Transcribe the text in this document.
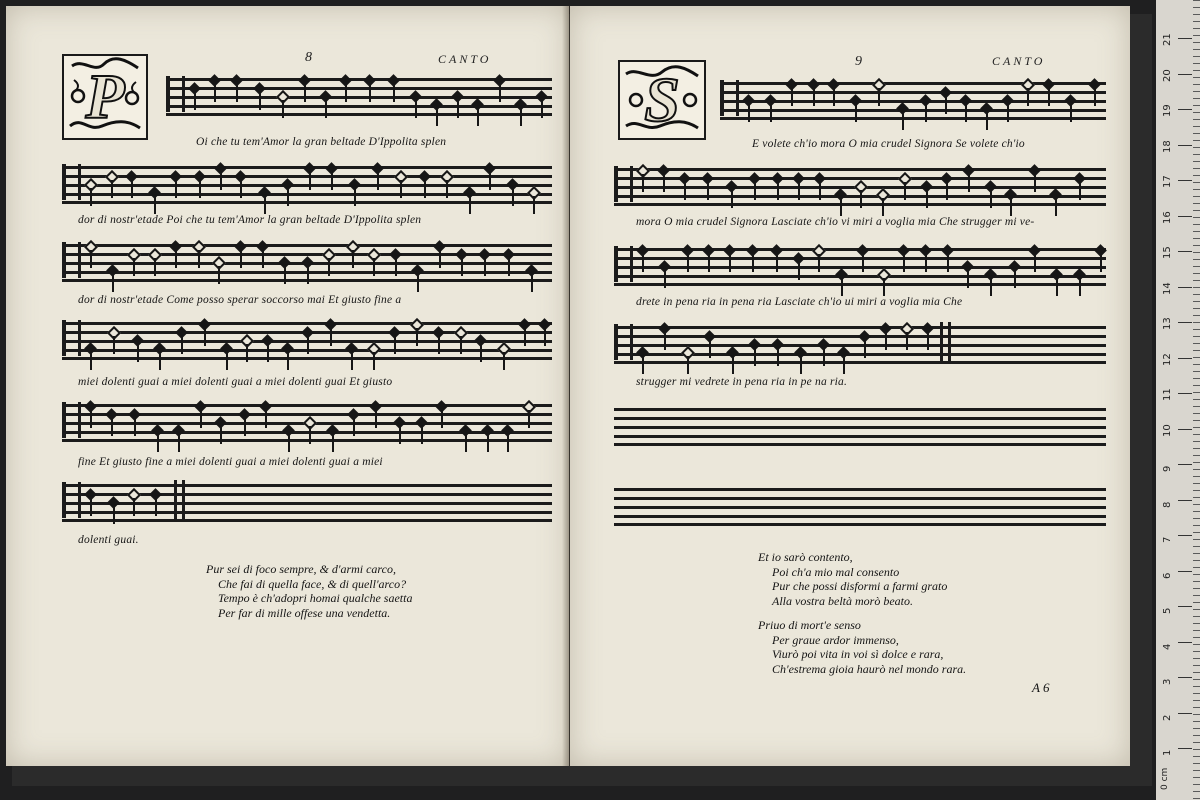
8	CANTO
P
Oi che tu tem'Amor la gran beltade D'Ippolita splen
dor di nostr'etade Poi che tu tem'Amor la gran beltade D'Ippolita splen
dor di nostr'etade Come posso sperar soccorso mai Et giusto fine a
miei dolenti guai a miei dolenti guai a miei dolenti guai Et giusto
fine Et giusto fine a miei dolenti guai a miei dolenti guai a miei
dolenti guai.
Pur sei di foco sempre, & d'armi carco,
Che fai di quella face, & di quell'arco?
Tempo è ch'adopri homai qualche saetta
Per far di mille offese una vendetta.
9	CANTO
S
E volete ch'io mora O mia crudel Signora Se volete ch'io
mora O mia crudel Signora Lasciate ch'io vi miri a voglia mia Che strugger mi ve-
drete in pena ria in pena ria Lasciate ch'io ui miri a voglia mia Che
strugger mi vedrete in pena ria in pe na ria.
Et io sarò contento,
Poi ch'a mio mal consento
Pur che possi disformi a farmi grato
Alla vostra beltà morò beato.
Priuo di mort'e senso
Per graue ardor immenso,
Viurò poi vita in voi sì dolce e rara,
Ch'estrema gioia haurò nel mondo rara.
A 6
0 cm
1
2
3
4
5
6
7
8
9
10
11
12
13
14
15
16
17
18
19
20
21
